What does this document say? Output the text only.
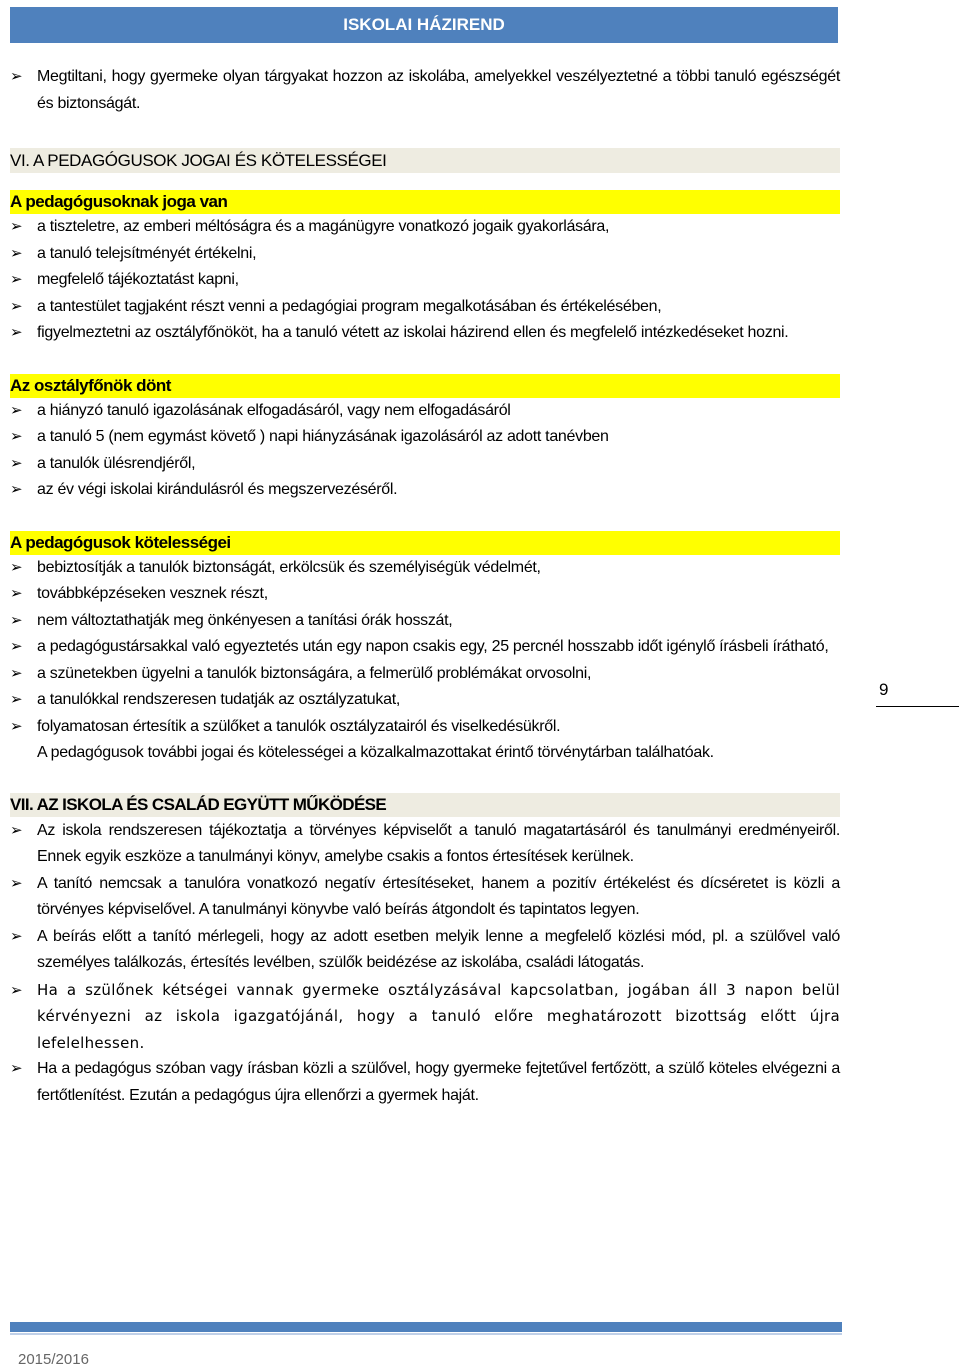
ISKOLAI HÁZIREND
➢ Megtiltani, hogy gyermeke olyan tárgyakat hozzon az iskolába, amelyekkel veszélyeztetné a többi tanuló egészségét és biztonságát.
VI. A PEDAGÓGUSOK JOGAI ÉS KÖTELESSÉGEI
A pedagógusoknak joga van
➢ a tiszteletre, az emberi méltóságra és a magánügyre vonatkozó jogaik gyakorlására,
➢ a tanuló telejsítményét értékelni,
➢ megfelelő tájékoztatást kapni,
➢ a tantestület tagjaként részt venni a pedagógiai program megalkotásában és értékelésében,
➢ figyelmeztetni az osztályfőnököt, ha a tanuló vétett az iskolai házirend ellen és megfelelő intézkedéseket hozni.
Az osztályfőnök dönt
➢ a hiányzó tanuló igazolásának elfogadásáról, vagy nem elfogadásáról
➢ a tanuló 5 (nem egymást követő ) napi hiányzásának igazolásáról az adott tanévben
➢ a tanulók ülésrendjéről,
➢ az év végi iskolai kirándulásról és megszervezéséről.
A pedagógusok kötelességei
➢ bebiztosítják a tanulók biztonságát, erkölcsük és személyiségük védelmét,
➢ továbbképzéseken vesznek részt,
➢ nem változtathatják meg önkényesen a tanítási órák hosszát,
➢ a pedagógustársakkal való egyeztetés után egy napon csakis egy, 25 percnél hosszabb időt igénylő írásbeli írátható,
➢ a szünetekben ügyelni a tanulók biztonságára, a felmerülő problémákat orvosolni,
➢ a tanulókkal rendszeresen tudatják az osztályzatukat,
➢ folyamatosan értesítik a szülőket a tanulók osztályzatairól és viselkedésükről.
A pedagógusok további jogai és kötelességei a közalkalmazottakat érintő törvénytárban találhatóak.
VII. AZ ISKOLA ÉS CSALÁD EGYÜTT MŰKÖDÉSE
➢ Az iskola rendszeresen tájékoztatja a törvényes képviselőt a tanuló magatartásáról és tanulmányi eredményeiről. Ennek egyik eszköze a tanulmányi könyv, amelybe csakis a fontos értesítések kerülnek.
➢ A tanító nemcsak a tanulóra vonatkozó negatív értesítéseket, hanem a pozitív értékelést és dícséretet is közli a törvényes képviselővel. A tanulmányi könyvbe való beírás átgondolt és tapintatos legyen.
➢ A beírás előtt a tanító mérlegeli, hogy az adott esetben melyik lenne a megfelelő közlési mód, pl. a szülővel való személyes találkozás, értesítés levélben, szülők beidézése az iskolába, családi látogatás.
➢ Ha a szülőnek kétségei vannak gyermeke osztályzásával kapcsolatban, jogában áll 3 napon belül kérvényezni az iskola igazgatójánál, hogy a tanuló előre meghatározott bizottság előtt újra lefelelhessen.
➢ Ha a pedagógus szóban vagy írásban közli a szülővel, hogy gyermeke fejtetűvel fertőzött, a szülő köteles elvégezni a fertőtlenítést. Ezután a pedagógus újra ellenőrzi a gyermek haját.
9
2015/2016
